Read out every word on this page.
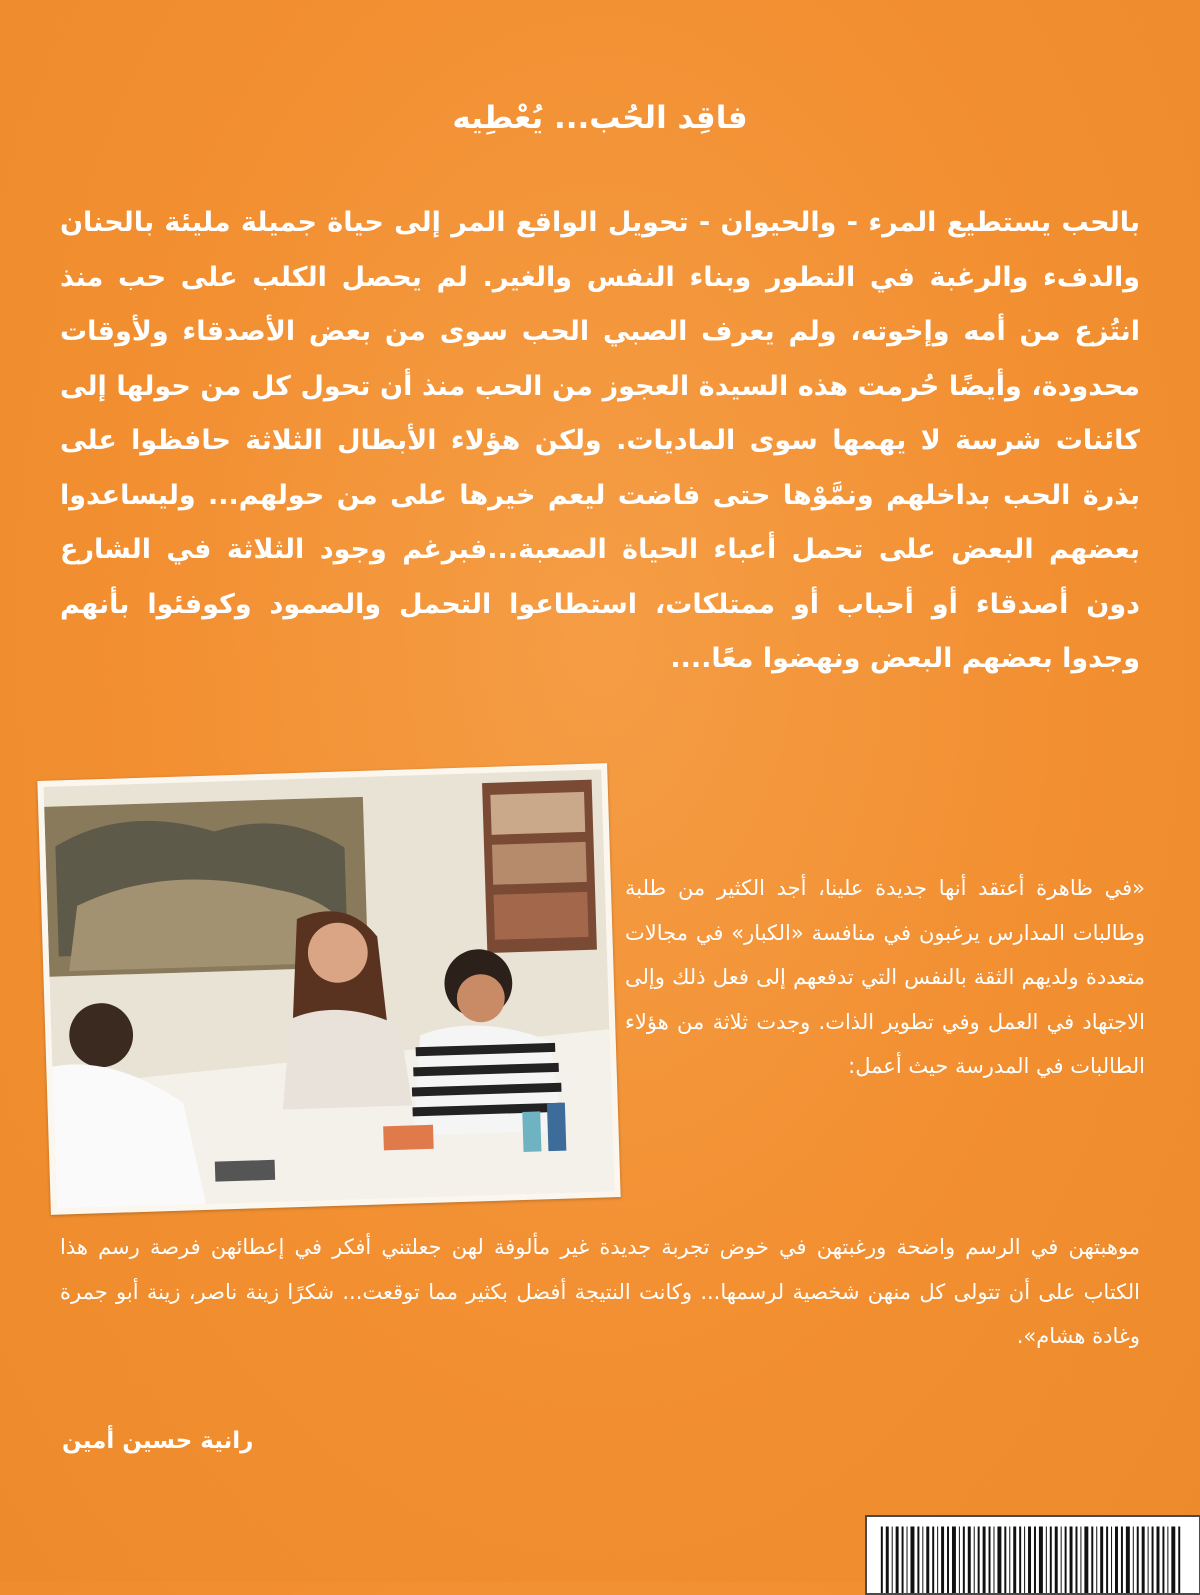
فاقِد الحُب... يُعْطِيه

بالحب يستطيع المرء - والحيوان - تحويل الواقع المر إلى حياة جميلة مليئة بالحنان والدفء والرغبة في التطور وبناء النفس والغير. لم يحصل الكلب على حب منذ انتُزع من أمه وإخوته، ولم يعرف الصبي الحب سوى من بعض الأصدقاء ولأوقات محدودة، وأيضًا حُرمت هذه السيدة العجوز من الحب منذ أن تحول كل من حولها إلى كائنات شرسة لا يهمها سوى الماديات. ولكن هؤلاء الأبطال الثلاثة حافظوا على بذرة الحب بداخلهم ونمَّوْها حتى فاضت ليعم خيرها على من حولهم... وليساعدوا بعضهم البعض على تحمل أعباء الحياة الصعبة...فبرغم وجود الثلاثة في الشارع دون أصدقاء أو أحباب أو ممتلكات، استطاعوا التحمل والصمود وكوفئوا بأنهم وجدوا بعضهم البعض ونهضوا معًا....

«في ظاهرة أعتقد أنها جديدة علينا، أجد الكثير من طلبة وطالبات المدارس يرغبون في منافسة «الكبار» في مجالات متعددة ولديهم الثقة بالنفس التي تدفعهم إلى فعل ذلك وإلى الاجتهاد في العمل وفي تطوير الذات. وجدت ثلاثة من هؤلاء الطالبات في المدرسة حيث أعمل:

موهبتهن في الرسم واضحة ورغبتهن في خوض تجربة جديدة غير مألوفة لهن جعلتني أفكر في إعطائهن فرصة رسم هذا الكتاب على أن تتولى كل منهن شخصية لرسمها... وكانت النتيجة أفضل بكثير مما توقعت... شكرًا زينة ناصر، زينة أبو جمرة وغادة هشام».

رانية حسين أمين
